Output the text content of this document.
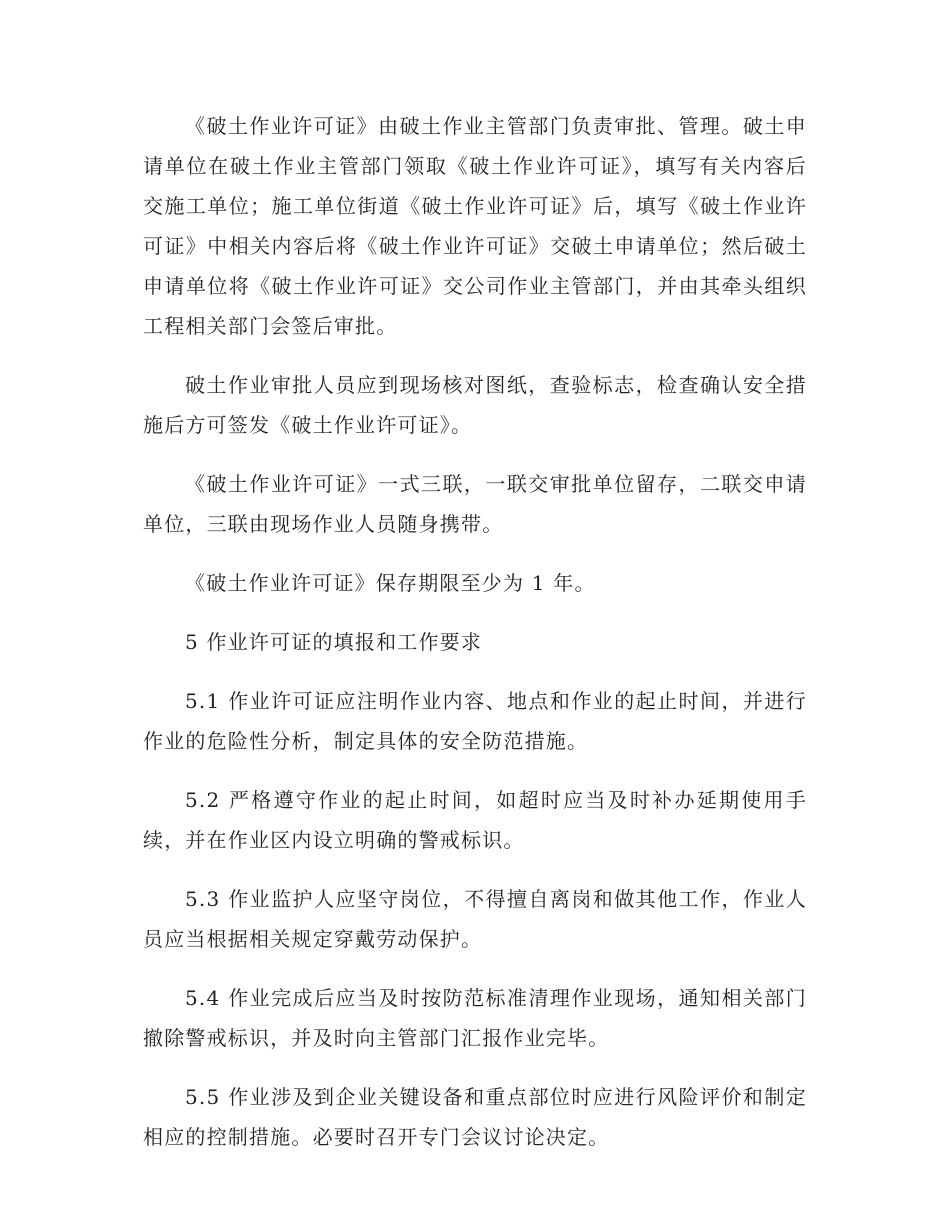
《破土作业许可证》由破土作业主管部门负责审批、管理。破土申请单位在破土作业主管部门领取《破土作业许可证》，填写有关内容后交施工单位；施工单位街道《破土作业许可证》后，填写《破土作业许可证》中相关内容后将《破土作业许可证》交破土申请单位；然后破土申请单位将《破土作业许可证》交公司作业主管部门，并由其牵头组织工程相关部门会签后审批。

破土作业审批人员应到现场核对图纸，查验标志，检查确认安全措施后方可签发《破土作业许可证》。

《破土作业许可证》一式三联，一联交审批单位留存，二联交申请单位，三联由现场作业人员随身携带。

《破土作业许可证》保存期限至少为 1 年。

5 作业许可证的填报和工作要求

5.1 作业许可证应注明作业内容、地点和作业的起止时间，并进行作业的危险性分析，制定具体的安全防范措施。

5.2 严格遵守作业的起止时间，如超时应当及时补办延期使用手续，并在作业区内设立明确的警戒标识。

5.3 作业监护人应坚守岗位，不得擅自离岗和做其他工作，作业人员应当根据相关规定穿戴劳动保护。

5.4 作业完成后应当及时按防范标准清理作业现场，通知相关部门撤除警戒标识，并及时向主管部门汇报作业完毕。

5.5 作业涉及到企业关键设备和重点部位时应进行风险评价和制定相应的控制措施。必要时召开专门会议讨论决定。
